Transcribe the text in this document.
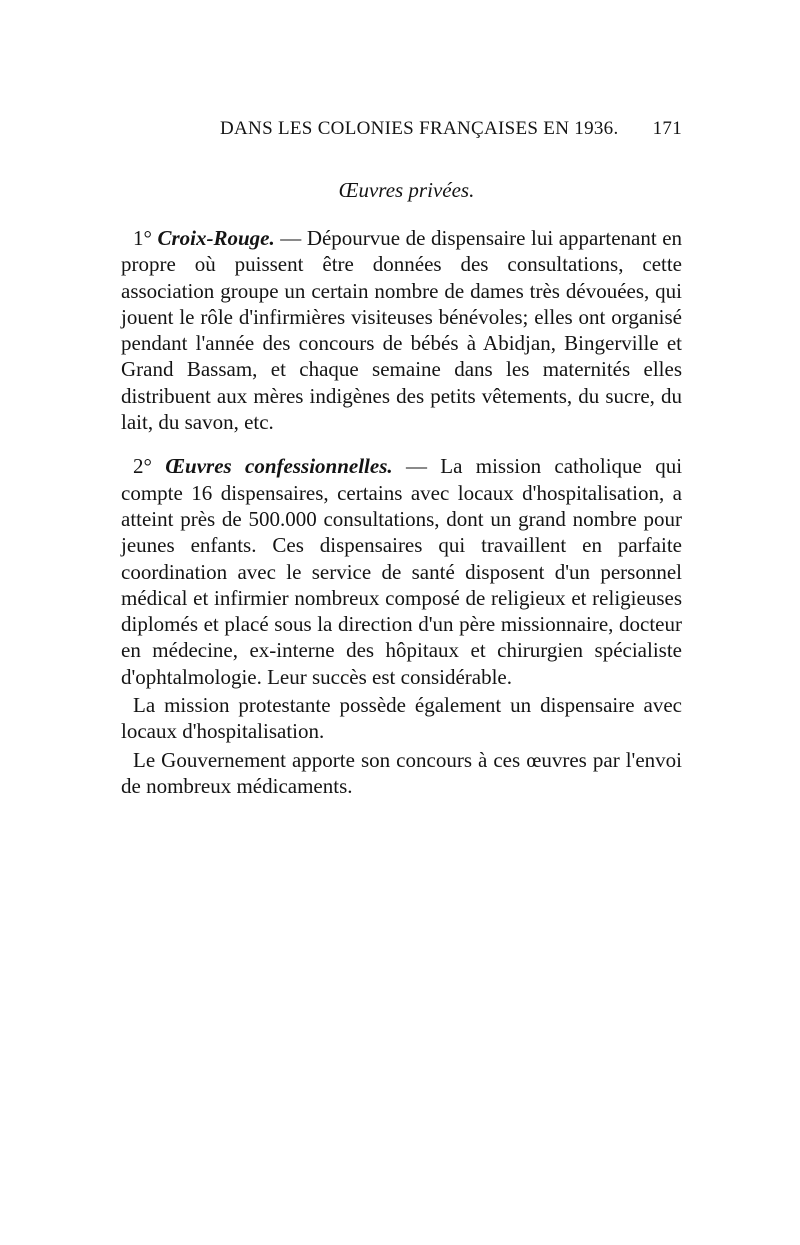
DANS LES COLONIES FRANÇAISES EN 1936. 171
Œuvres privées.

1° Croix-Rouge. — Dépourvue de dispensaire lui appartenant en propre où puissent être données des consultations, cette association groupe un certain nombre de dames très dévouées, qui jouent le rôle d'infirmières visiteuses bénévoles; elles ont organisé pendant l'année des concours de bébés à Abidjan, Bingerville et Grand Bassam, et chaque semaine dans les maternités elles distribuent aux mères indigènes des petits vêtements, du sucre, du lait, du savon, etc.

2° Œuvres confessionnelles. — La mission catholique qui compte 16 dispensaires, certains avec locaux d'hospitalisation, a atteint près de 500.000 consultations, dont un grand nombre pour jeunes enfants. Ces dispensaires qui travaillent en parfaite coordination avec le service de santé disposent d'un personnel médical et infirmier nombreux composé de religieux et religieuses diplomés et placé sous la direction d'un père missionnaire, docteur en médecine, ex-interne des hôpitaux et chirurgien spécialiste d'ophtalmologie. Leur succès est considérable.

La mission protestante possède également un dispensaire avec locaux d'hospitalisation.

Le Gouvernement apporte son concours à ces œuvres par l'envoi de nombreux médicaments.
